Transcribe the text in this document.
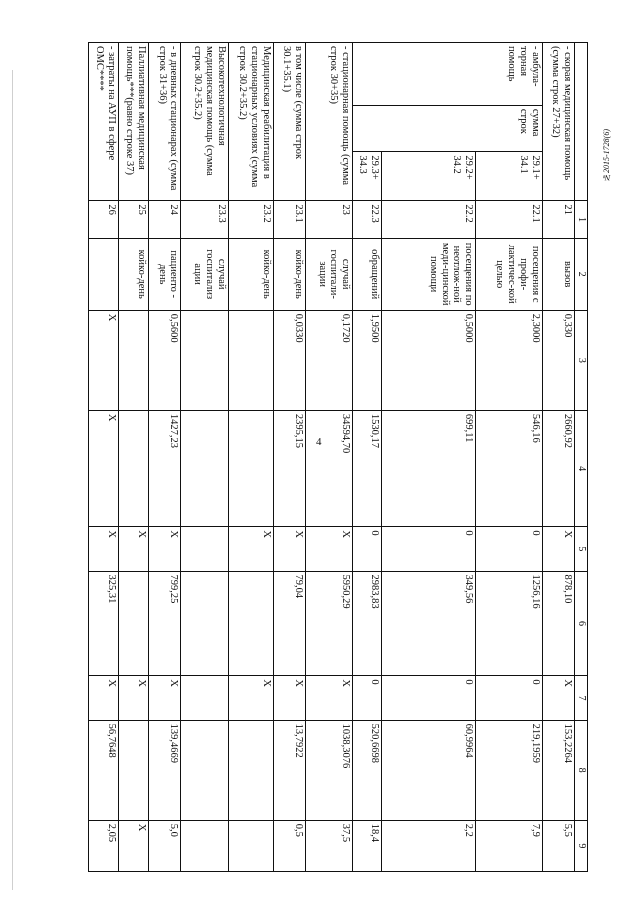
№2015-1728(6)
4
			1	2	3	4	5	6	7	8	9
- скорая медицинская помощь (сумма строк 27+32)			21	вызов	0,330	2660,92	X	878,10	X	153,2264	5,5
- амбула-торная помощь	сумма строк	29.1+ 34.1	22.1	посещения с профи-лактичес-кой целью	2,3000	546,16	0	1256,16	0	219,1959	7,9
		29.2+ 34.2	22.2	посещения по неотлож-ной меди-цинской помощи	0,5000	699,11	0	349,56	0	60,9964	2,2
		29.3+ 34.3	22.3	обращений	1,9500	1530,17	0	2983,83	0	520,6698	18,4
- стационарная помощь (сумма строк 30+35)			23	случай госпитали-зации	0,1720	34594,70	X	5950,29	X	1038,3076	37,5
в том числе (сумма строк 30.1+35.1)			23.1	койко-день	0,0330	2395,15	X	79,04	X	13,7922	0,5
Медицинская реабилитация в стационарных условиях (сумма строк 30.2+35.2)			23.2	койко-день			X		X		
Высокотехнологичная медицинская помощь (сумма строк 30.2+35.2)			23.3	случай госпитализ ации							
- в дневных стационарах (сумма строк 31+36)			24	пациенто - день	0,5600	1427,23	X	799,25	X	139,4669	5,0
Паллиативная медицинская помощь***(равно строке 37)			25	койко-день			X		X		X
- затраты на АУП в сфере ОМС****			26		X	X	X	325,31	X	56,7648	2,05
